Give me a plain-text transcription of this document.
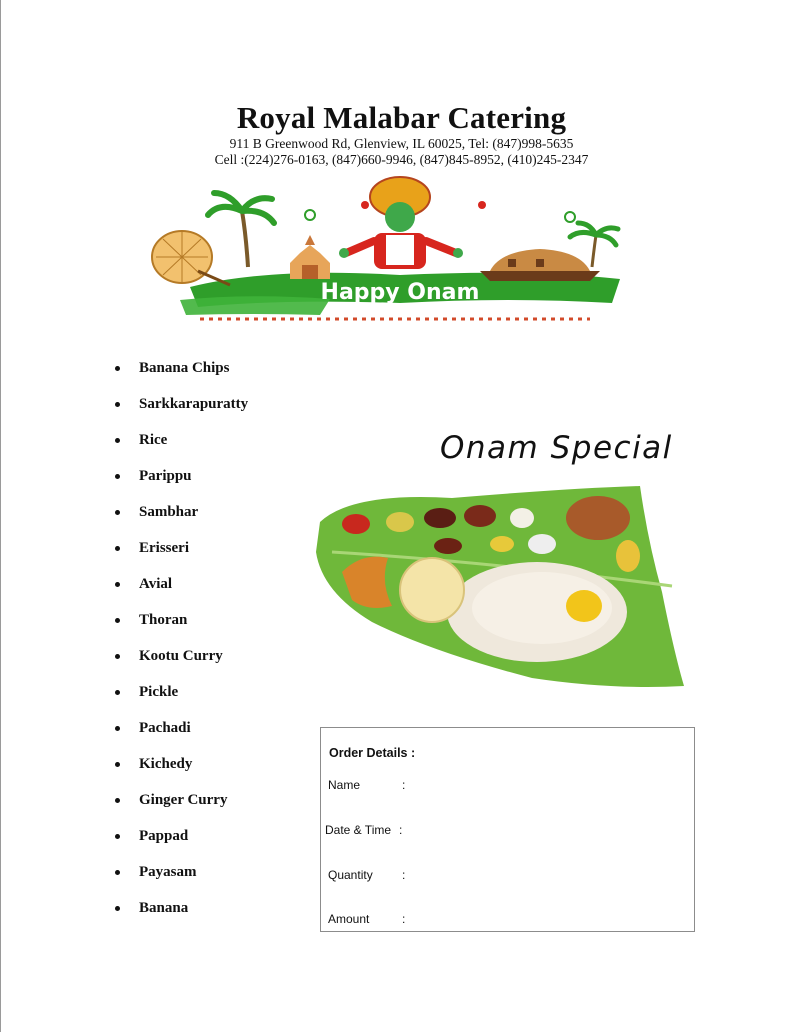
Royal Malabar Catering
911 B Greenwood Rd, Glenview, IL 60025, Tel: (847)998-5635
Cell :(224)276-0163, (847)660-9946, (847)845-8952, (410)245-2347
Happy Onam
Banana Chips
Sarkkarapuratty
Rice
Parippu
Sambhar
Erisseri
Avial
Thoran
Kootu Curry
Pickle
Pachadi
Kichedy
Ginger Curry
Pappad
Payasam
Banana
Onam Special
Order Details :
Name	:
Date & Time :
Quantity :
Amount	:
